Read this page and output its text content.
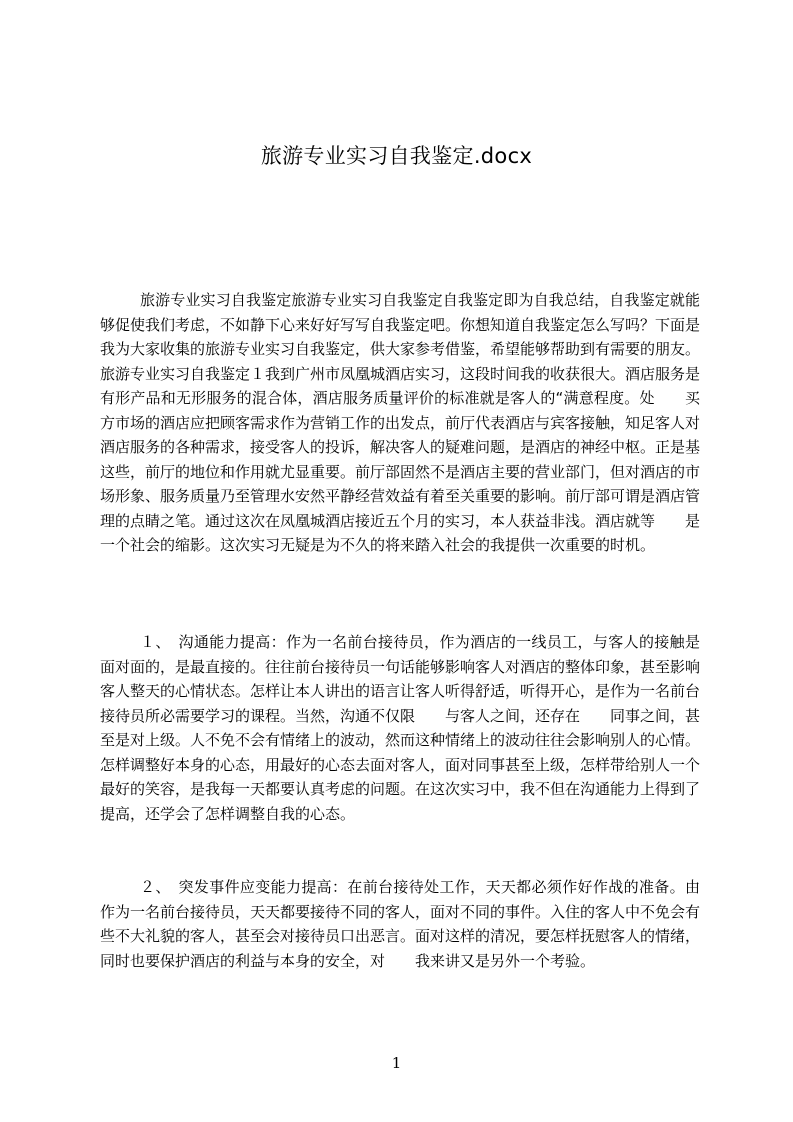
旅游专业实习自我鉴定.docx
旅游专业实习自我鉴定旅游专业实习自我鉴定自我鉴定即为自我总结，自我鉴定就能够促使我们考虑，不如静下心来好好写写自我鉴定吧。你想知道自我鉴定怎么写吗？下面是我为大家收集的旅游专业实习自我鉴定，供大家参考借鉴，希望能够帮助到有需要的朋友。旅游专业实习自我鉴定１我到广州市凤凰城酒店实习，这段时间我的收获很大。酒店服务是有形产品和无形服务的混合体，酒店服务质量评价的标准就是客人的“满意程度。处　　买方市场的酒店应把顾客需求作为营销工作的出发点，前厅代表酒店与宾客接触，知足客人对酒店服务的各种需求，接受客人的投诉，解决客人的疑难问题，是酒店的神经中枢。正是基　　这些，前厅的地位和作用就尤显重要。前厅部固然不是酒店主要的营业部门，但对酒店的市场形象、服务质量乃至管理水安然平静经营效益有着至关重要的影响。前厅部可谓是酒店管理的点睛之笔。通过这次在凤凰城酒店接近五个月的实习，本人获益非浅。酒店就等　　是一个社会的缩影。这次实习无疑是为不久的将来踏入社会的我提供一次重要的时机。
１、　沟通能力提高：作为一名前台接待员，作为酒店的一线员工，与客人的接触是面对面的，是最直接的。往往前台接待员一句话能够影响客人对酒店的整体印象，甚至影响客人整天的心情状态。怎样让本人讲出的语言让客人听得舒适，听得开心，是作为一名前台接待员所必需要学习的课程。当然，沟通不仅限　　与客人之间，还存在　　同事之间，甚至是对上级。人不免不会有情绪上的波动，然而这种情绪上的波动往往会影响别人的心情。怎样调整好本身的心态，用最好的心态去面对客人，面对同事甚至上级，怎样带给别人一个最好的笑容，是我每一天都要认真考虑的问题。在这次实习中，我不但在沟通能力上得到了提高，还学会了怎样调整自我的心态。
２、　突发事件应变能力提高：在前台接待处工作，天天都必须作好作战的准备。由　　作为一名前台接待员，天天都要接待不同的客人，面对不同的事件。入住的客人中不免会有些不大礼貌的客人，甚至会对接待员口出恶言。面对这样的清况，要怎样抚慰客人的情绪，同时也要保护酒店的利益与本身的安全，对　　我来讲又是另外一个考验。
1
